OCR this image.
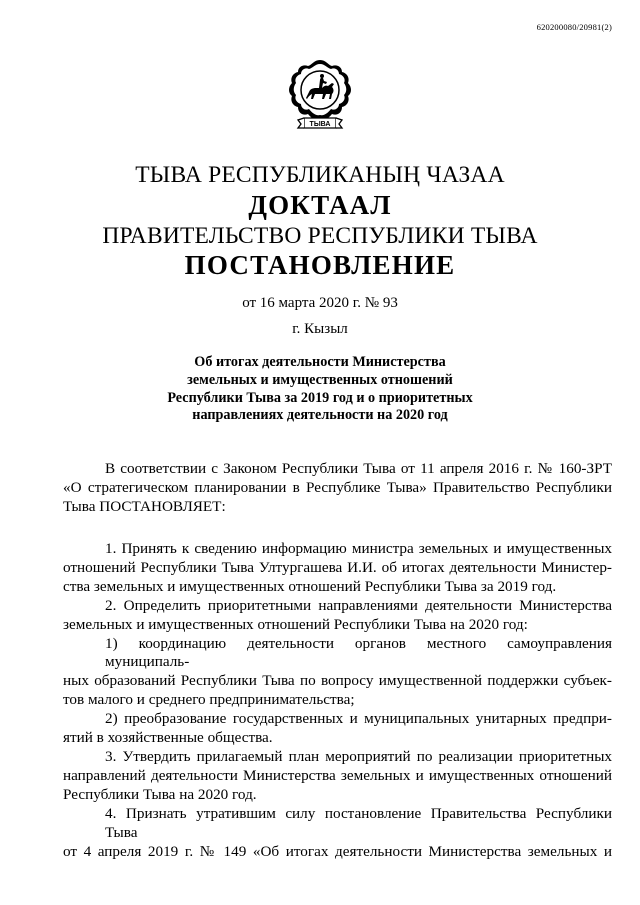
620200080/20981(2)
ТЫВА
ТЫВА РЕСПУБЛИКАНЫҢ ЧАЗАА
ДОКТААЛ
ПРАВИТЕЛЬСТВО РЕСПУБЛИКИ ТЫВА
ПОСТАНОВЛЕНИЕ
от 16 марта 2020 г. № 93
г. Кызыл
Об итогах деятельности Министерства
земельных и имущественных отношений
Республики Тыва за 2019 год и о приоритетных
направлениях деятельности на 2020 год
В соответствии с Законом Республики Тыва от 11 апреля 2016 г. № 160-ЗРТ
«О стратегическом планировании в Республике Тыва» Правительство Республики
Тыва ПОСТАНОВЛЯЕТ:
1. Принять к сведению информацию министра земельных и имущественных
отношений Республики Тыва Ултургашева И.И. об итогах деятельности Министер-
ства земельных и имущественных отношений Республики Тыва за 2019 год.
2. Определить приоритетными направлениями деятельности Министерства
земельных и имущественных отношений Республики Тыва на 2020 год:
1) координацию деятельности органов местного самоуправления муниципаль-
ных образований Республики Тыва по вопросу имущественной поддержки субъек-
тов малого и среднего предпринимательства;
2) преобразование государственных и муниципальных унитарных предпри-
ятий в хозяйственные общества.
3. Утвердить прилагаемый план мероприятий по реализации приоритетных
направлений деятельности Министерства земельных и имущественных отношений
Республики Тыва на 2020 год.
4. Признать утратившим силу постановление Правительства Республики Тыва
от 4 апреля 2019 г. № 149 «Об итогах деятельности Министерства земельных и
